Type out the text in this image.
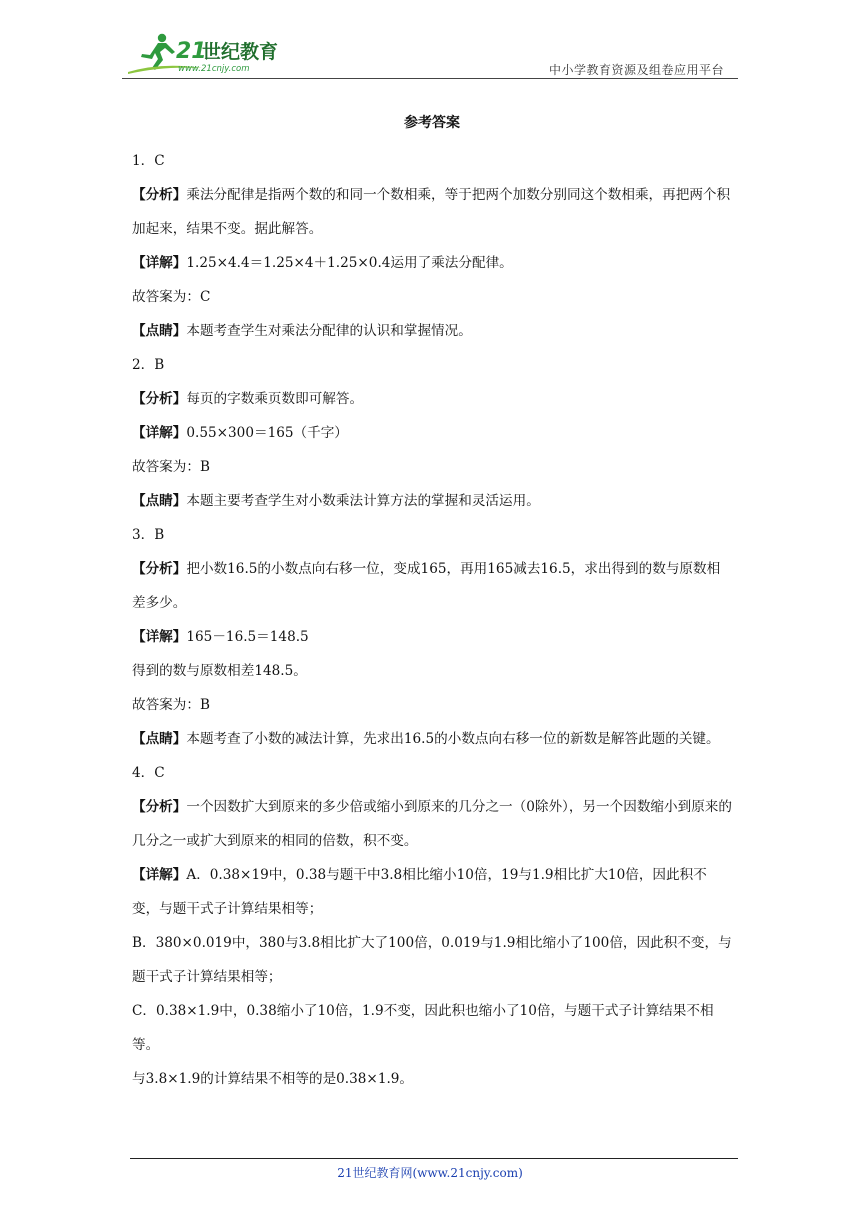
21
世纪教育
www.21cnjy.com	中小学教育资源及组卷应用平台
参考答案

1．C

【分析】乘法分配律是指两个数的和同一个数相乘，等于把两个加数分别同这个数相乘，再把两个积加起来，结果不变。据此解答。

【详解】1.25×4.4＝1.25×4＋1.25×0.4运用了乘法分配律。

故答案为：C

【点睛】本题考查学生对乘法分配律的认识和掌握情况。

2．B

【分析】每页的字数乘页数即可解答。

【详解】0.55×300＝165（千字）

故答案为：B

【点睛】本题主要考查学生对小数乘法计算方法的掌握和灵活运用。

3．B

【分析】把小数16.5的小数点向右移一位，变成165，再用165减去16.5，求出得到的数与原数相差多少。

【详解】165－16.5＝148.5

得到的数与原数相差148.5。

故答案为：B

【点睛】本题考查了小数的减法计算，先求出16.5的小数点向右移一位的新数是解答此题的关键。

4．C

【分析】一个因数扩大到原来的多少倍或缩小到原来的几分之一（0除外），另一个因数缩小到原来的几分之一或扩大到原来的相同的倍数，积不变。

【详解】A．0.38×19中，0.38与题干中3.8相比缩小10倍，19与1.9相比扩大10倍，因此积不变，与题干式子计算结果相等；

B．380×0.019中，380与3.8相比扩大了100倍，0.019与1.9相比缩小了100倍，因此积不变，与题干式子计算结果相等；

C．0.38×1.9中，0.38缩小了10倍，1.9不变，因此积也缩小了10倍，与题干式子计算结果不相等。

与3.8×1.9的计算结果不相等的是0.38×1.9。

21世纪教育网(www.21cnjy.com)
